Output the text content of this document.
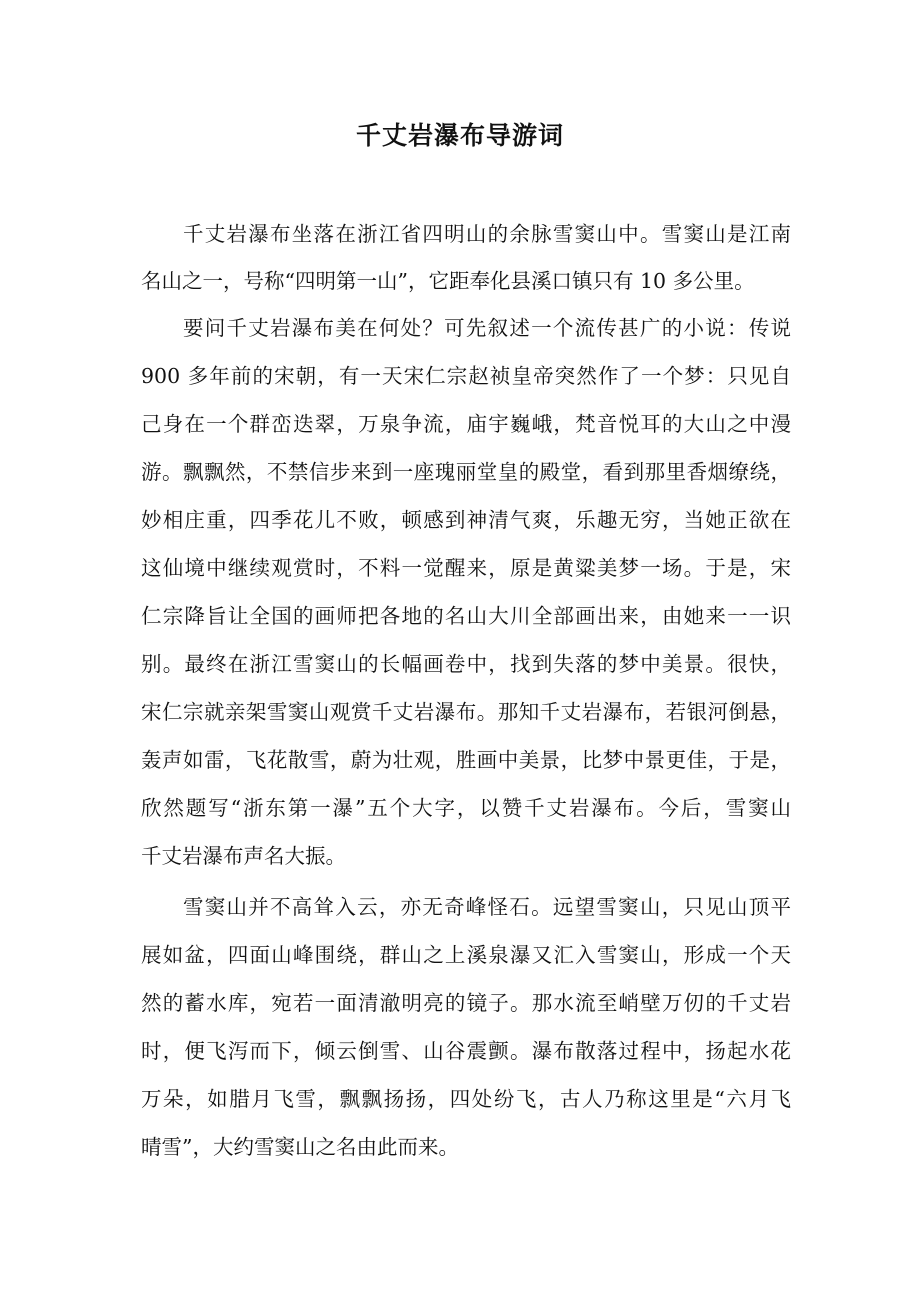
千丈岩瀑布导游词
千丈岩瀑布坐落在浙江省四明山的余脉雪窦山中。雪窦山是江南
名山之一，号称“四明第一山”，它距奉化县溪口镇只有 10 多公里。
要问千丈岩瀑布美在何处？可先叙述一个流传甚广的小说：传说
900 多年前的宋朝，有一天宋仁宗赵祯皇帝突然作了一个梦：只见自
己身在一个群峦迭翠，万泉争流，庙宇巍峨，梵音悦耳的大山之中漫
游。飘飘然，不禁信步来到一座瑰丽堂皇的殿堂，看到那里香烟缭绕，
妙相庄重，四季花儿不败，顿感到神清气爽，乐趣无穷，当她正欲在
这仙境中继续观赏时，不料一觉醒来，原是黄粱美梦一场。于是，宋
仁宗降旨让全国的画师把各地的名山大川全部画出来，由她来一一识
别。最终在浙江雪窦山的长幅画卷中，找到失落的梦中美景。很快，
宋仁宗就亲架雪窦山观赏千丈岩瀑布。那知千丈岩瀑布，若银河倒悬，
轰声如雷，飞花散雪，蔚为壮观，胜画中美景，比梦中景更佳，于是，
欣然题写“浙东第一瀑”五个大字，以赞千丈岩瀑布。今后，雪窦山
千丈岩瀑布声名大振。
雪窦山并不高耸入云，亦无奇峰怪石。远望雪窦山，只见山顶平
展如盆，四面山峰围绕，群山之上溪泉瀑又汇入雪窦山，形成一个天
然的蓄水库，宛若一面清澈明亮的镜子。那水流至峭壁万仞的千丈岩
时，便飞泻而下，倾云倒雪、山谷震颤。瀑布散落过程中，扬起水花
万朵，如腊月飞雪，飘飘扬扬，四处纷飞，古人乃称这里是“六月飞
晴雪”，大约雪窦山之名由此而来。
